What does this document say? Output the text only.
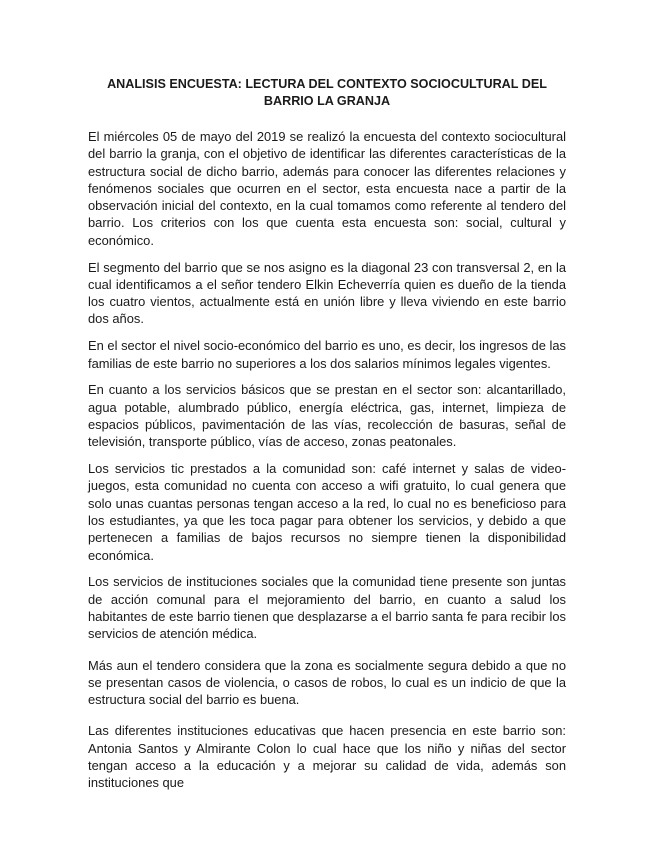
ANALISIS ENCUESTA: LECTURA DEL CONTEXTO SOCIOCULTURAL DEL BARRIO LA GRANJA

El miércoles 05 de mayo del 2019 se realizó la encuesta del contexto sociocultural del barrio la granja, con el objetivo de identificar las diferentes características de la estructura social de dicho barrio, además para conocer las diferentes relaciones y fenómenos sociales que ocurren en el sector, esta encuesta nace a partir de la observación inicial del contexto, en la cual tomamos como referente al tendero del barrio. Los criterios con los que cuenta esta encuesta son: social, cultural y económico.

El segmento del barrio que se nos asigno es la diagonal 23 con transversal 2, en la cual identificamos a el señor tendero Elkin Echeverría quien es dueño de la tienda los cuatro vientos, actualmente está en unión libre y lleva viviendo en este barrio dos años.

En el sector el nivel socio-económico del barrio es uno, es decir, los ingresos de las familias de este barrio no superiores a los dos salarios mínimos legales vigentes.

En cuanto a los servicios básicos que se prestan en el sector son: alcantarillado, agua potable, alumbrado público, energía eléctrica, gas, internet, limpieza de espacios públicos, pavimentación de las vías, recolección de basuras, señal de televisión, transporte público, vías de acceso, zonas peatonales.

Los servicios tic prestados a la comunidad son: café internet y salas de video-juegos, esta comunidad no cuenta con acceso a wifi gratuito, lo cual genera que solo unas cuantas personas tengan acceso a la red, lo cual no es beneficioso para los estudiantes, ya que les toca pagar para obtener los servicios, y debido a que pertenecen a familias de bajos recursos no siempre tienen la disponibilidad económica.

Los servicios de instituciones sociales que la comunidad tiene presente son juntas de acción comunal para el mejoramiento del barrio, en cuanto a salud los habitantes de este barrio tienen que desplazarse a el barrio santa fe para recibir los servicios de atención médica.

Más aun el tendero considera que la zona es socialmente segura debido a que no se presentan casos de violencia, o casos de robos, lo cual es un indicio de que la estructura social del barrio es buena.

Las diferentes instituciones educativas que hacen presencia en este barrio son: Antonia Santos y Almirante Colon lo cual hace que los niño y niñas del sector tengan acceso a la educación y a mejorar su calidad de vida, además son instituciones que
